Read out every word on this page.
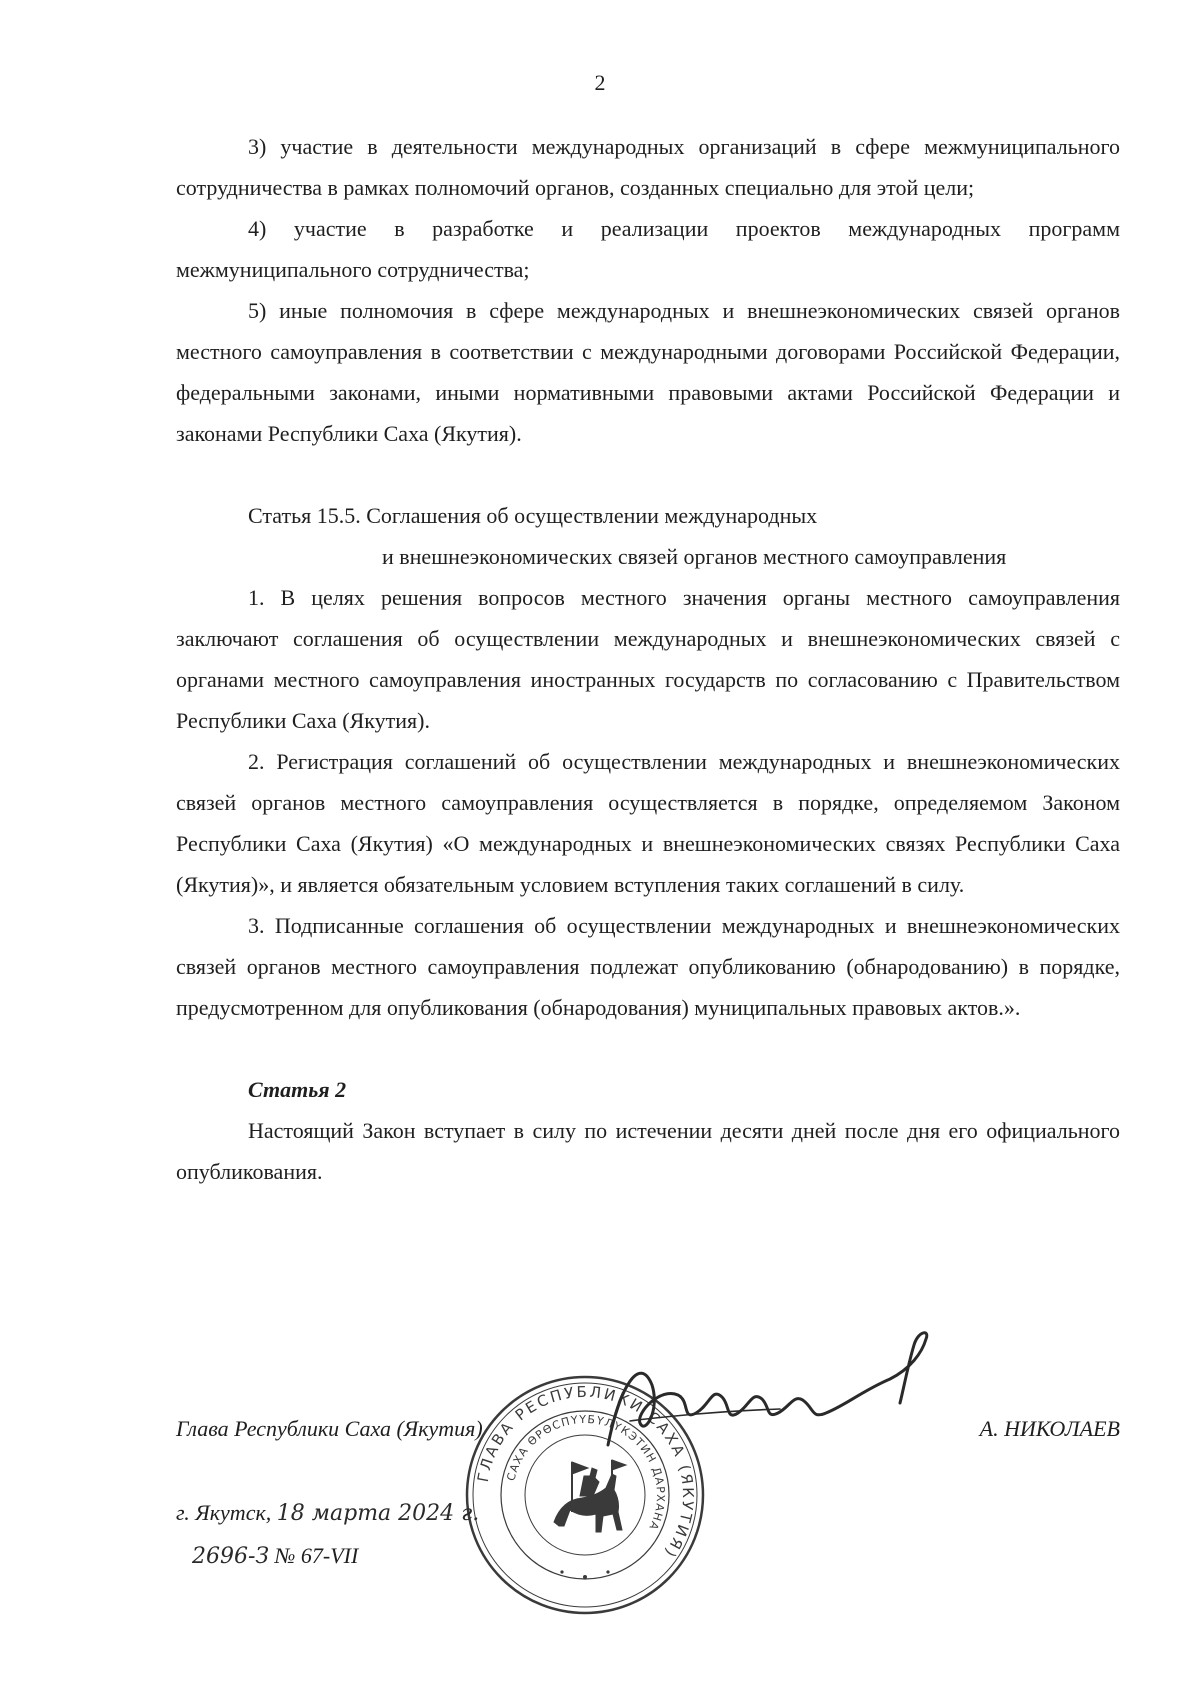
2

3) участие в деятельности международных организаций в сфере межмуниципального сотрудничества в рамках полномочий органов, созданных специально для этой цели;

4) участие в разработке и реализации проектов международных программ межмуниципального сотрудничества;

5) иные полномочия в сфере международных и внешнеэкономических связей органов местного самоуправления в соответствии с международными договорами Российской Федерации, федеральными законами, иными нормативными правовыми актами Российской Федерации и законами Республики Саха (Якутия).

Статья 15.5. Соглашения об осуществлении международных
и внешнеэкономических связей органов местного самоуправления

1. В целях решения вопросов местного значения органы местного самоуправления заключают соглашения об осуществлении международных и внешнеэкономических связей с органами местного самоуправления иностранных государств по согласованию с Правительством Республики Саха (Якутия).

2. Регистрация соглашений об осуществлении международных и внешнеэкономических связей органов местного самоуправления осуществляется в порядке, определяемом Законом Республики Саха (Якутия) «О международных и внешнеэкономических связях Республики Саха (Якутия)», и является обязательным условием вступления таких соглашений в силу.

3. Подписанные соглашения об осуществлении международных и внешнеэкономических связей органов местного самоуправления подлежат опубликованию (обнародованию) в порядке, предусмотренном для опубликования (обнародования) муниципальных правовых актов.».

Статья 2

Настоящий Закон вступает в силу по истечении десяти дней после дня его официального опубликования.

ГЛАВА РЕСПУБЛИКИ САХА (ЯКУТИЯ)
САХА ӨРӨСПҮҮБҮЛҮКЭТИН ДАРХАНА
Глава Республики Саха (Якутия)	А. НИКОЛАЕВ
г. Якутск, 18 марта 2024 г.
2696-З № 67-VII
